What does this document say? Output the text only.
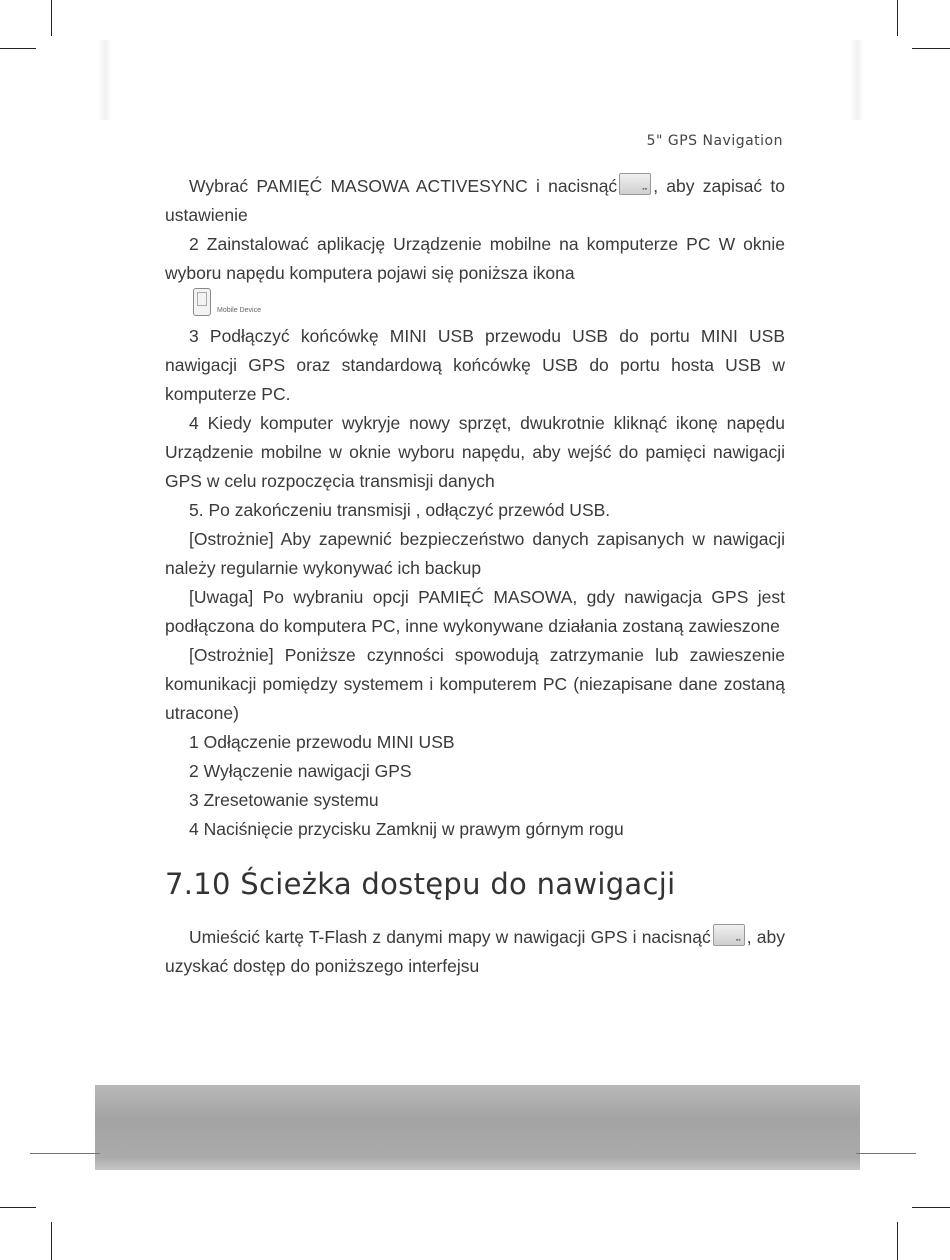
5" GPS Navigation

Wybrać PAMIĘĆ MASOWA ACTIVESYNC i nacisnąć ▪▪ , aby zapisać to ustawienie

2 Zainstalować aplikację Urządzenie mobilne na komputerze PC W oknie wyboru napędu komputera pojawi się poniższa ikona

Mobile Device

3 Podłączyć końcówkę MINI USB przewodu USB do portu MINI USB nawigacji GPS oraz standardową końcówkę USB do portu hosta USB w komputerze PC.

4 Kiedy komputer wykryje nowy sprzęt, dwukrotnie kliknąć ikonę napędu Urządzenie mobilne w oknie wyboru napędu, aby wejść do pamięci nawigacji GPS w celu rozpoczęcia transmisji danych

5. Po zakończeniu transmisji , odłączyć przewód USB.

[Ostrożnie] Aby zapewnić bezpieczeństwo danych zapisanych w nawigacji należy regularnie wykonywać ich backup

[Uwaga] Po wybraniu opcji PAMIĘĆ MASOWA, gdy nawigacja GPS jest podłączona do komputera PC, inne wykonywane działania zostaną zawieszone

[Ostrożnie] Poniższe czynności spowodują zatrzymanie lub zawieszenie komunikacji pomiędzy systemem i komputerem PC (niezapisane dane zostaną utracone)

1 Odłączenie przewodu MINI USB

2 Wyłączenie nawigacji GPS

3 Zresetowanie systemu

4 Naciśnięcie przycisku Zamknij w prawym górnym rogu

7.10 Ścieżka dostępu do nawigacji

Umieścić kartę T-Flash z danymi mapy w nawigacji GPS i nacisnąć ▪▪ , aby uzyskać dostęp do poniższego interfejsu
